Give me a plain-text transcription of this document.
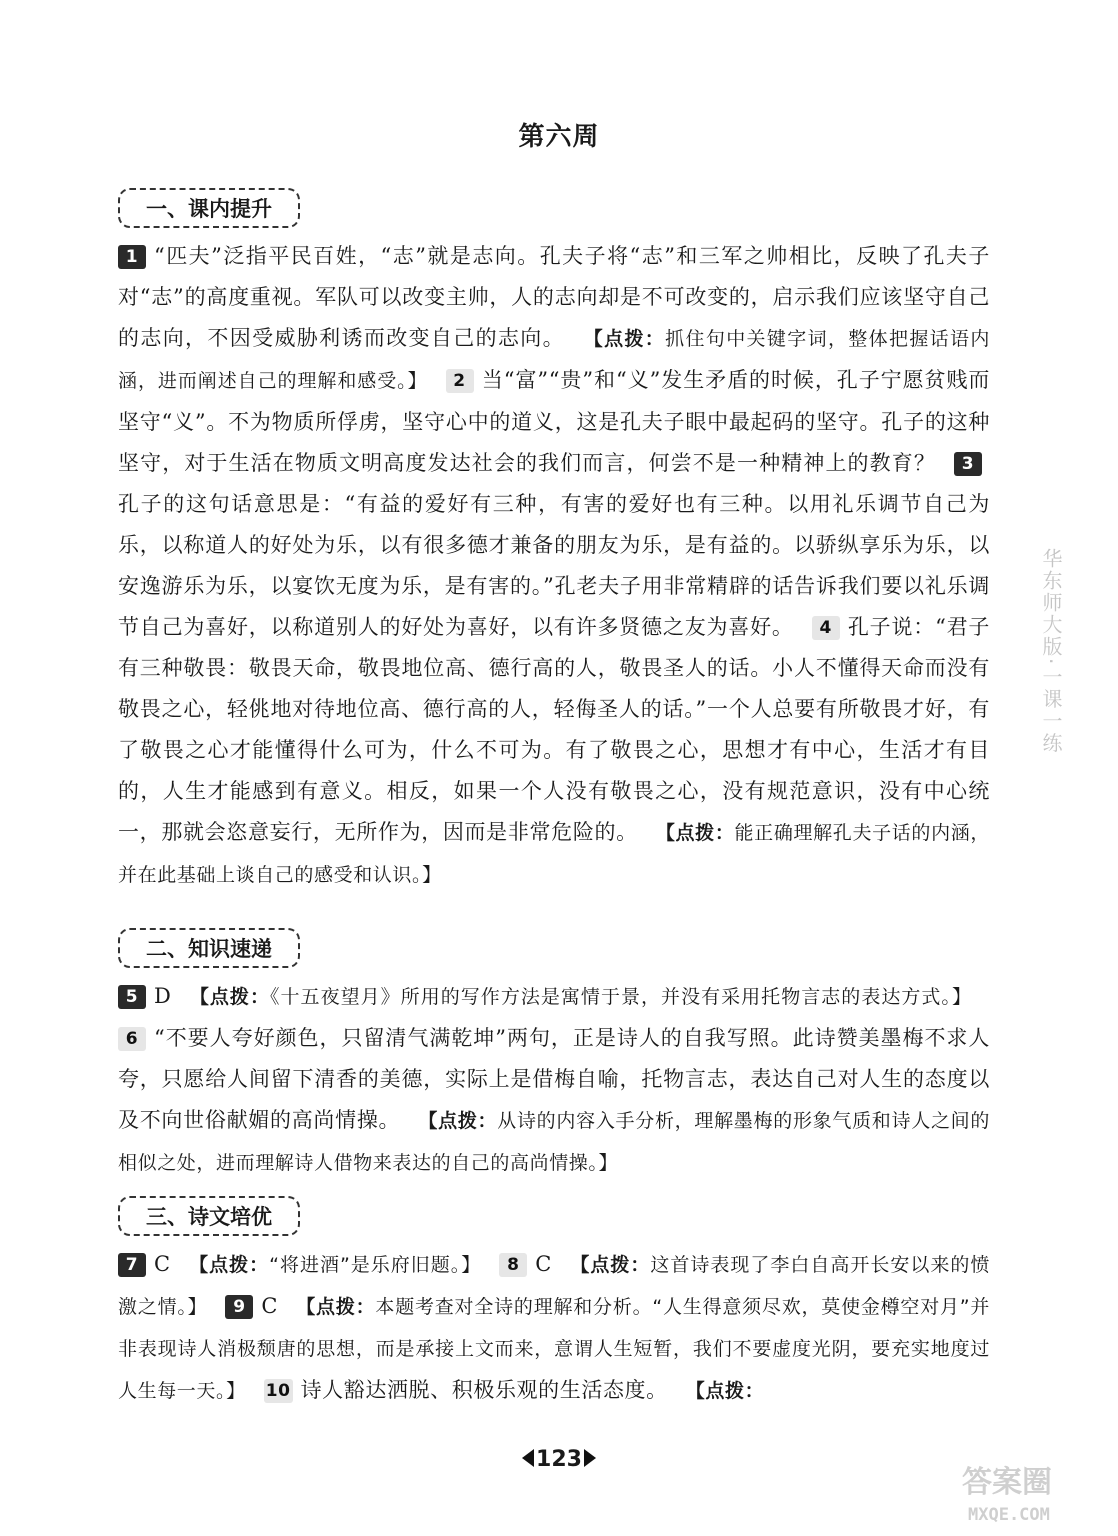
第六周
一、课内提升
1 “匹夫”泛指平民百姓，“志”就是志向。孔夫子将“志”和三军之帅相比，反映了孔夫子对“志”的高度重视。军队可以改变主帅，人的志向却是不可改变的，启示我们应该坚守自己的志向，不因受威胁利诱而改变自己的志向。 【点拨：抓住句中关键字词，整体把握话语内涵，进而阐述自己的理解和感受。】 2 当“富”“贵”和“义”发生矛盾的时候，孔子宁愿贫贱而坚守“义”。不为物质所俘虏，坚守心中的道义，这是孔夫子眼中最起码的坚守。孔子的这种坚守，对于生活在物质文明高度发达社会的我们而言，何尝不是一种精神上的教育？ 3孔子的这句话意思是：“有益的爱好有三种，有害的爱好也有三种。以用礼乐调节自己为乐，以称道人的好处为乐，以有很多德才兼备的朋友为乐，是有益的。以骄纵享乐为乐，以安逸游乐为乐，以宴饮无度为乐，是有害的。”孔老夫子用非常精辟的话告诉我们要以礼乐调节自己为喜好，以称道别人的好处为喜好，以有许多贤德之友为喜好。 4 孔子说：“君子有三种敬畏：敬畏天命，敬畏地位高、德行高的人，敬畏圣人的话。小人不懂得天命而没有敬畏之心，轻佻地对待地位高、德行高的人，轻侮圣人的话。”一个人总要有所敬畏才好，有了敬畏之心才能懂得什么可为，什么不可为。有了敬畏之心，思想才有中心，生活才有目的，人生才能感到有意义。相反，如果一个人没有敬畏之心，没有规范意识，没有中心统一，那就会恣意妄行，无所作为，因而是非常危险的。 【点拨：能正确理解孔夫子话的内涵，并在此基础上谈自己的感受和认识。】
二、知识速递
5 D 【点拨：《十五夜望月》所用的写作方法是寓情于景，并没有采用托物言志的表达方式。】6 “不要人夸好颜色，只留清气满乾坤”两句，正是诗人的自我写照。此诗赞美墨梅不求人夸，只愿给人间留下清香的美德，实际上是借梅自喻，托物言志，表达自己对人生的态度以及不向世俗献媚的高尚情操。 【点拨：从诗的内容入手分析，理解墨梅的形象气质和诗人之间的相似之处，进而理解诗人借物来表达的自己的高尚情操。】
三、诗文培优
7 C 【点拨：“将进酒”是乐府旧题。】 8 C 【点拨：这首诗表现了李白自高开长安以来的愤激之情。】 9 C 【点拨：本题考查对全诗的理解和分析。“人生得意须尽欢，莫使金樽空对月”并非表现诗人消极颓唐的思想，而是承接上文而来，意谓人生短暂，我们不要虚度光阴，要充实地度过人生每一天。】 10 诗人豁达洒脱、积极乐观的生活态度。 【点拨：
华东师大版·一课一练
123
答案圈
MXQE.COM
